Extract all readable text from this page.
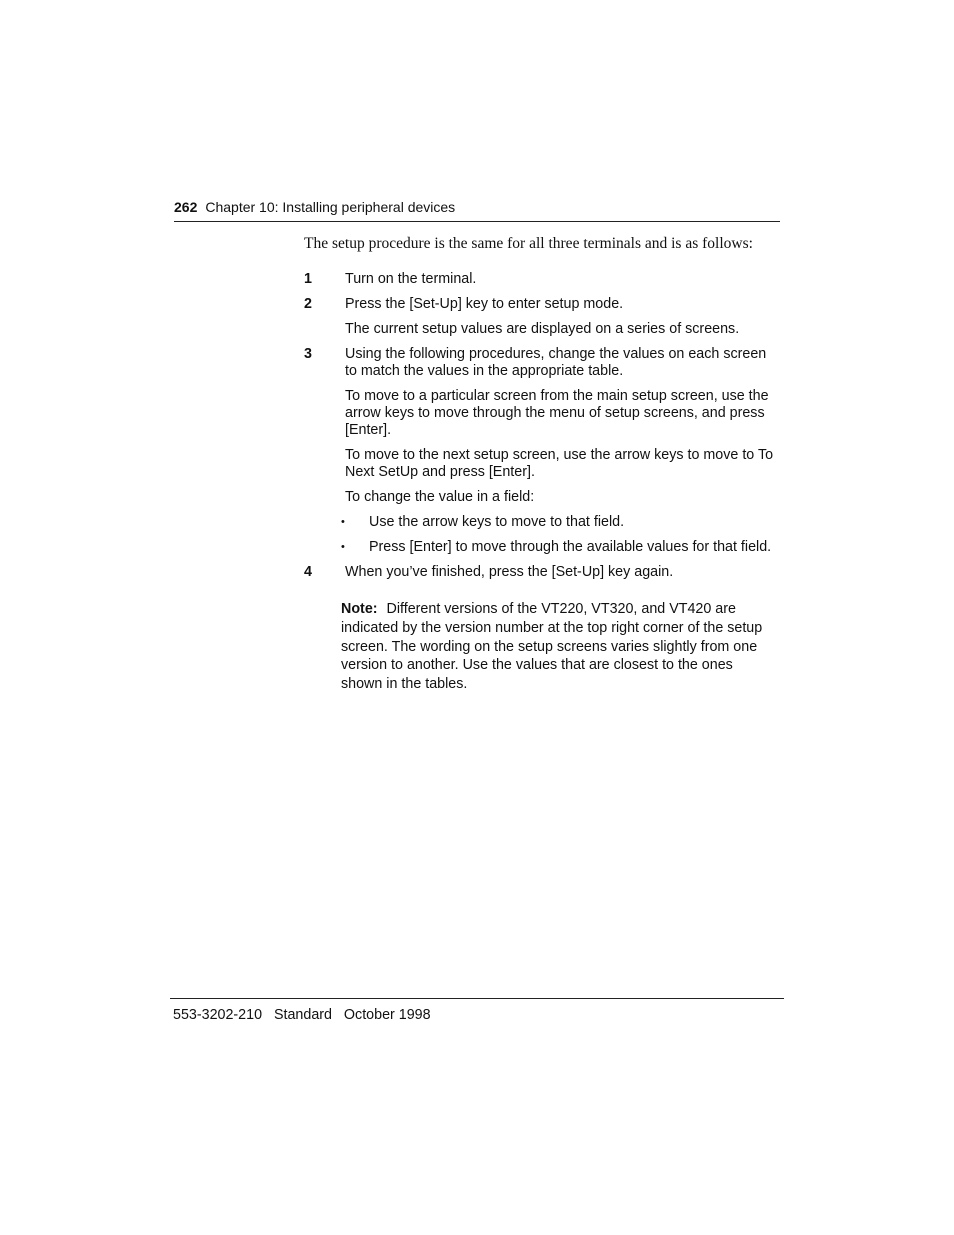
262 Chapter 10: Installing peripheral devices
The setup procedure is the same for all three terminals and is as follows:
1	Turn on the terminal.
2	Press the [Set-Up] key to enter setup mode.
The current setup values are displayed on a series of screens.
3	Using the following procedures, change the values on each screen to match the values in the appropriate table.
To move to a particular screen from the main setup screen, use the arrow keys to move through the menu of setup screens, and press [Enter].
To move to the next setup screen, use the arrow keys to move to To Next SetUp and press [Enter].
To change the value in a field:
• Use the arrow keys to move to that field.
• Press [Enter] to move through the available values for that field.
4	When you’ve finished, press the [Set-Up] key again.
Note: Different versions of the VT220, VT320, and VT420 are indicated by the version number at the top right corner of the setup screen. The wording on the setup screens varies slightly from one version to another. Use the values that are closest to the ones shown in the tables.
553-3202-210 Standard October 1998
